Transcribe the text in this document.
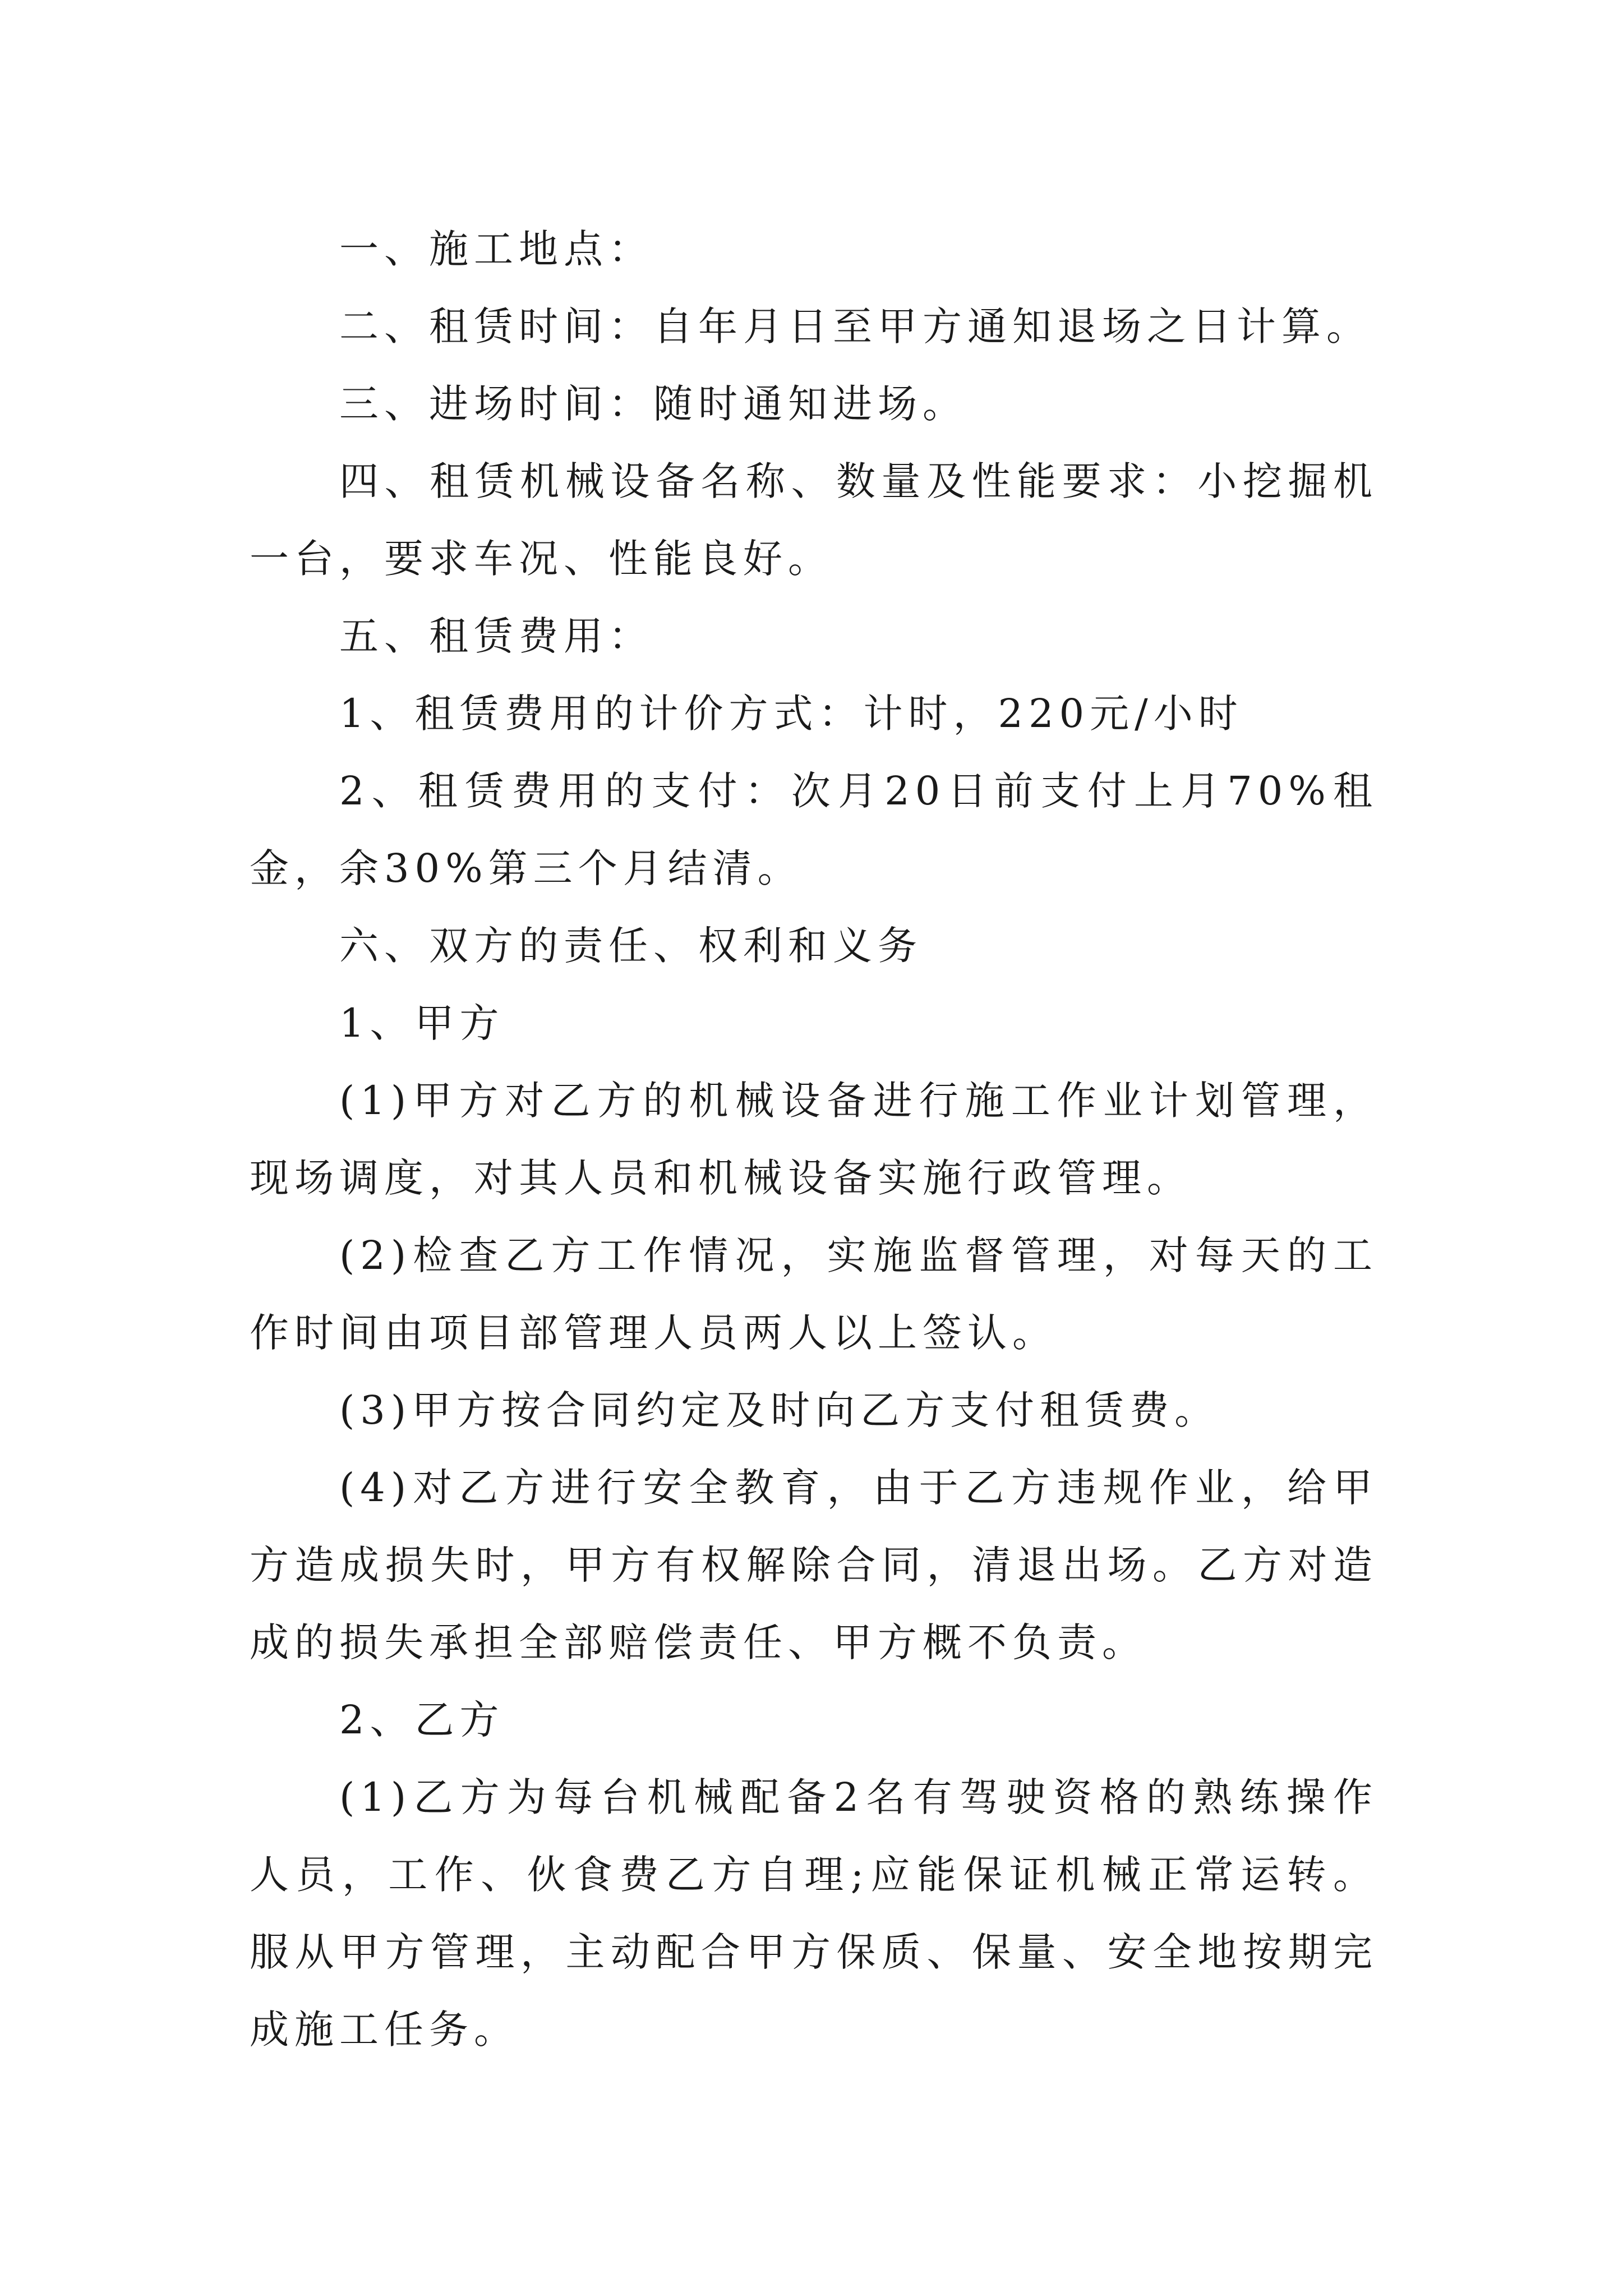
一、施工地点：

二、租赁时间：自年月日至甲方通知退场之日计算。

三、进场时间：随时通知进场。

四、租赁机械设备名称、数量及性能要求：小挖掘机一台，要求车况、性能良好。

五、租赁费用：

1、租赁费用的计价方式：计时，220元/小时

2、租赁费用的支付：次月20日前支付上月70%租金，余30%第三个月结清。

六、双方的责任、权利和义务

1、甲方

(1)甲方对乙方的机械设备进行施工作业计划管理，现场调度，对其人员和机械设备实施行政管理。

(2)检查乙方工作情况，实施监督管理，对每天的工作时间由项目部管理人员两人以上签认。

(3)甲方按合同约定及时向乙方支付租赁费。

(4)对乙方进行安全教育，由于乙方违规作业，给甲方造成损失时，甲方有权解除合同，清退出场。乙方对造成的损失承担全部赔偿责任、甲方概不负责。

2、乙方

(1)乙方为每台机械配备2名有驾驶资格的熟练操作人员，工作、伙食费乙方自理;应能保证机械正常运转。服从甲方管理，主动配合甲方保质、保量、安全地按期完成施工任务。
